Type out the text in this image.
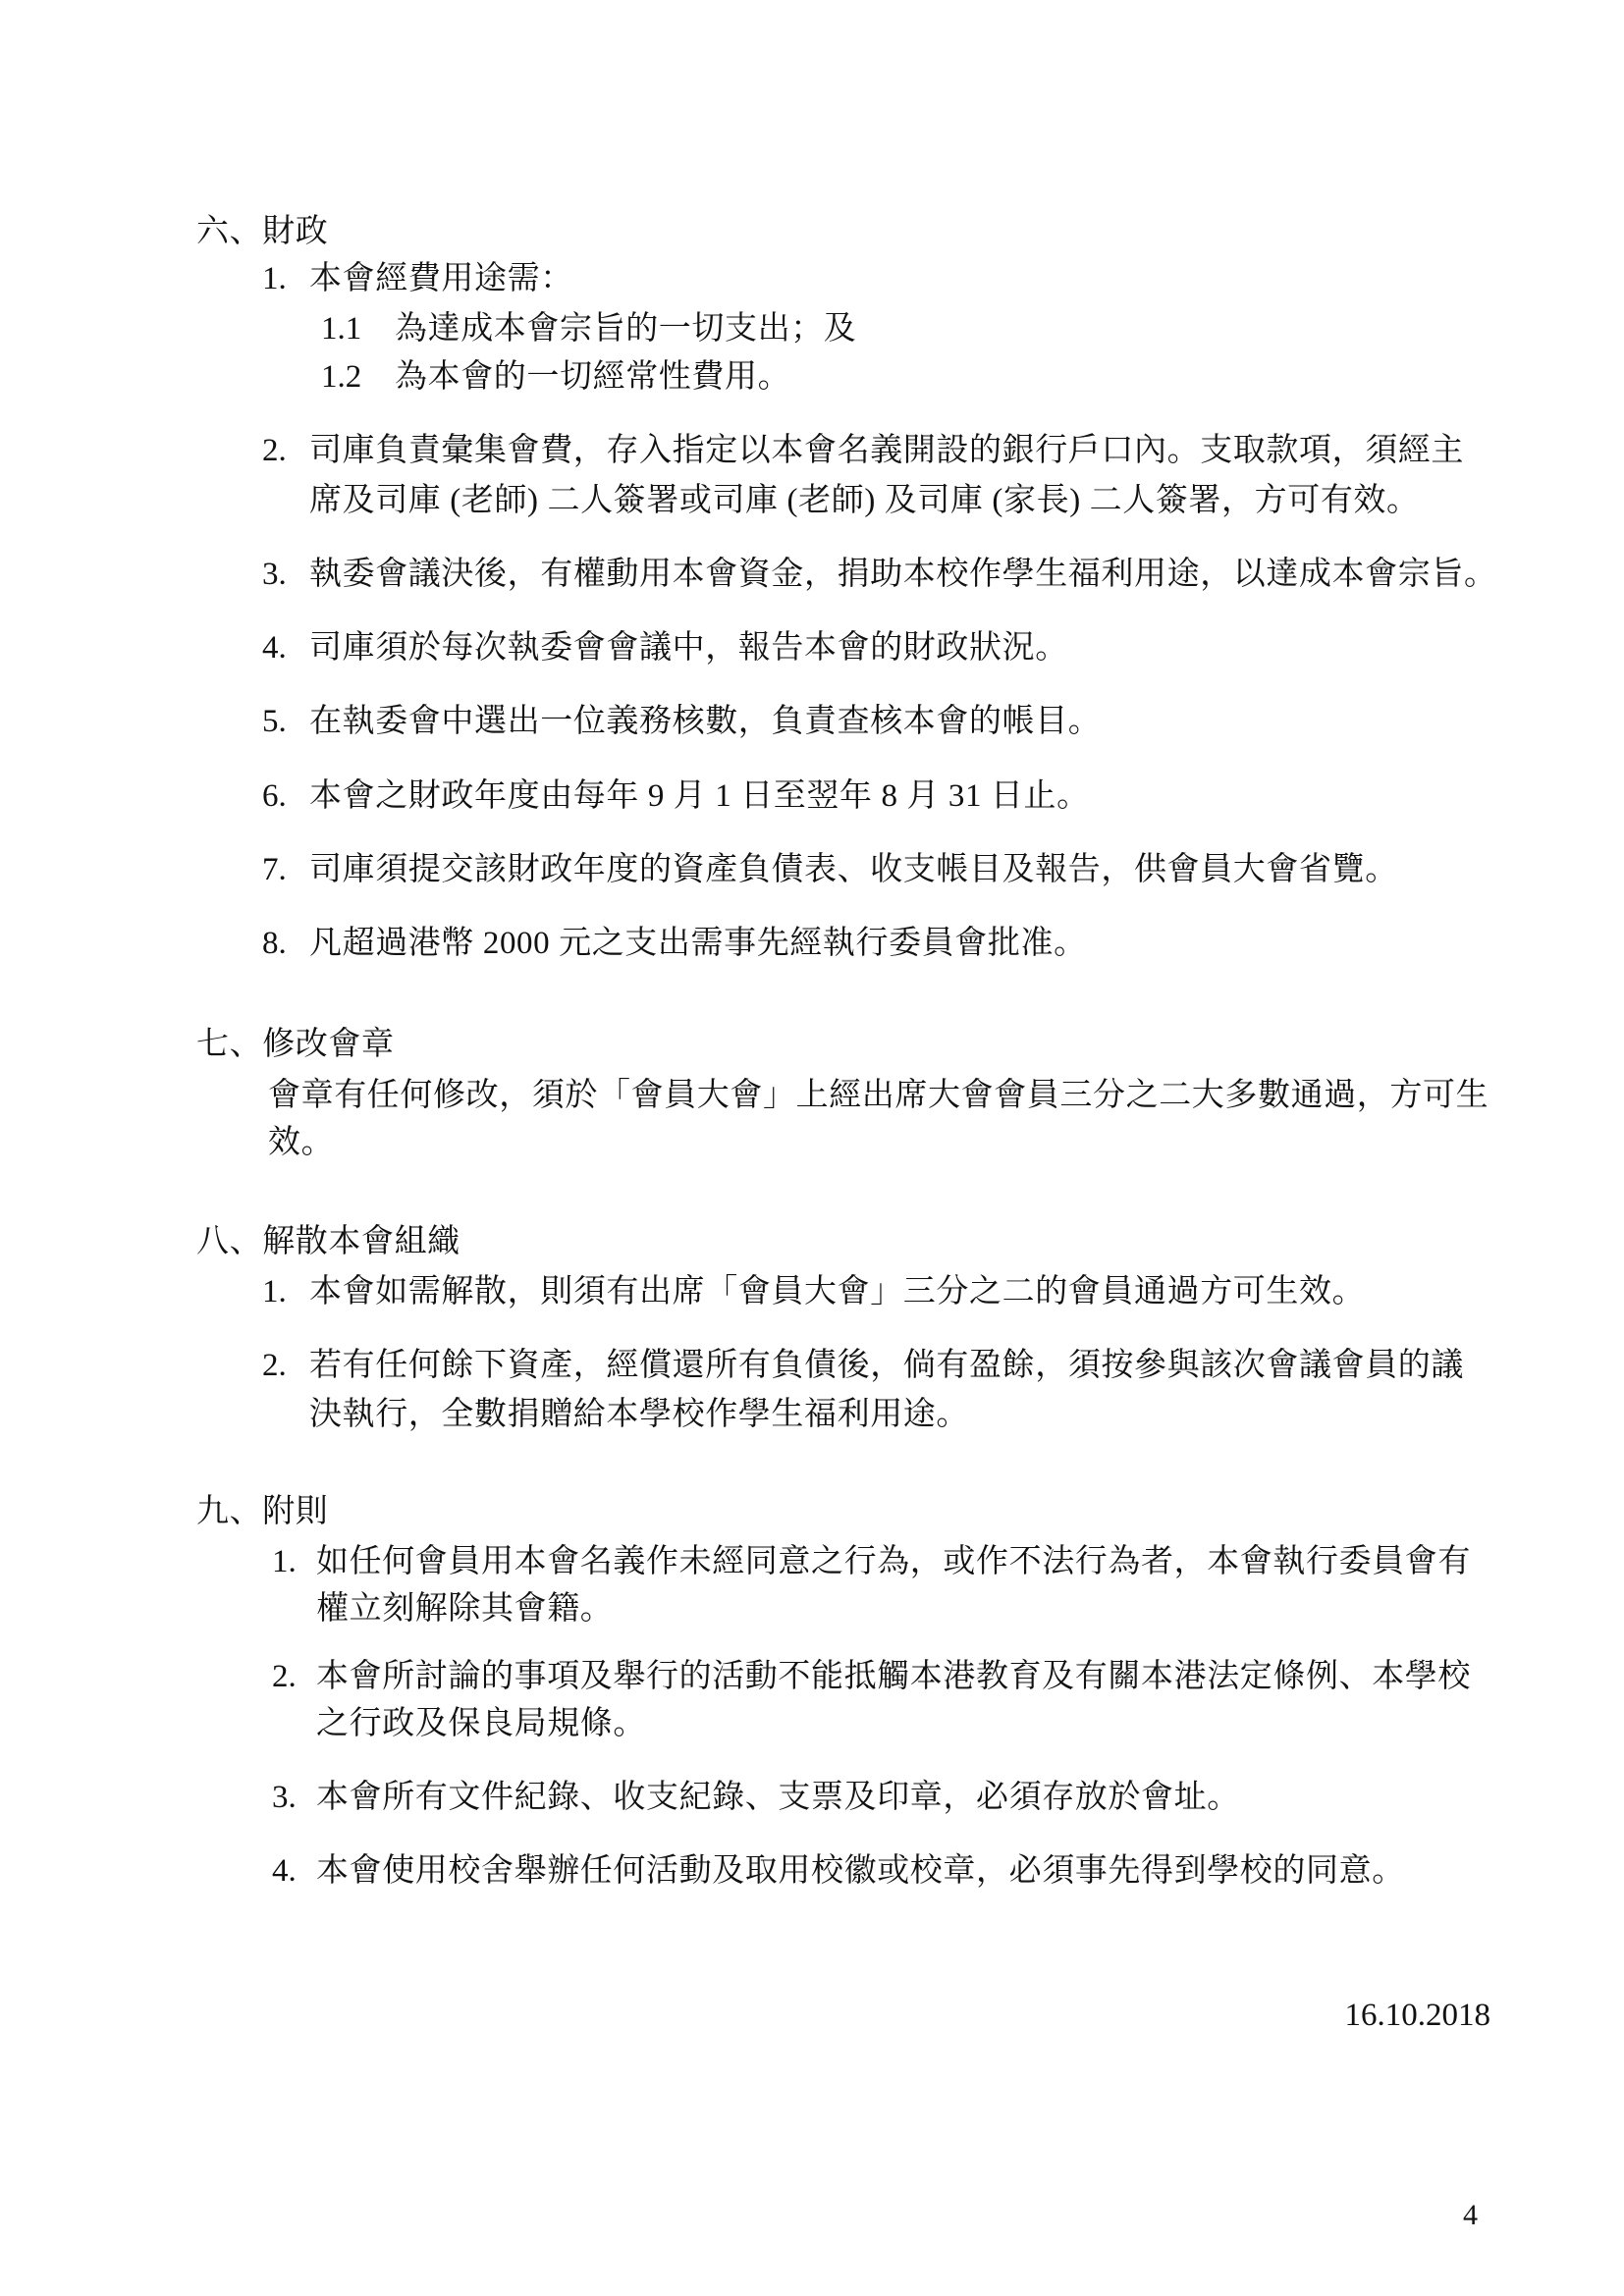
六、財政
1. 本會經費用途需：
1.1 為達成本會宗旨的一切支出；及
1.2 為本會的一切經常性費用。
2. 司庫負責彙集會費，存入指定以本會名義開設的銀行戶口內。支取款項，須經主
席及司庫 (老師) 二人簽署或司庫 (老師) 及司庫 (家長) 二人簽署，方可有效。
3. 執委會議決後，有權動用本會資金，捐助本校作學生福利用途，以達成本會宗旨。
4. 司庫須於每次執委會會議中，報告本會的財政狀況。
5. 在執委會中選出一位義務核數，負責查核本會的帳目。
6. 本會之財政年度由每年 9 月 1 日至翌年 8 月 31 日止。
7. 司庫須提交該財政年度的資產負債表、收支帳目及報告，供會員大會省覽。
8. 凡超過港幣 2000 元之支出需事先經執行委員會批准。
七、修改會章
會章有任何修改，須於「會員大會」上經出席大會會員三分之二大多數通過，方可生
效。
八、解散本會組織
1. 本會如需解散，則須有出席「會員大會」三分之二的會員通過方可生效。
2. 若有任何餘下資產，經償還所有負債後，倘有盈餘，須按參與該次會議會員的議
決執行，全數捐贈給本學校作學生福利用途。
九、附則
1. 如任何會員用本會名義作未經同意之行為，或作不法行為者，本會執行委員會有
權立刻解除其會籍。
2. 本會所討論的事項及舉行的活動不能抵觸本港教育及有關本港法定條例、本學校
之行政及保良局規條。
3. 本會所有文件紀錄、收支紀錄、支票及印章，必須存放於會址。
4. 本會使用校舍舉辦任何活動及取用校徽或校章，必須事先得到學校的同意。
16.10.2018
4
